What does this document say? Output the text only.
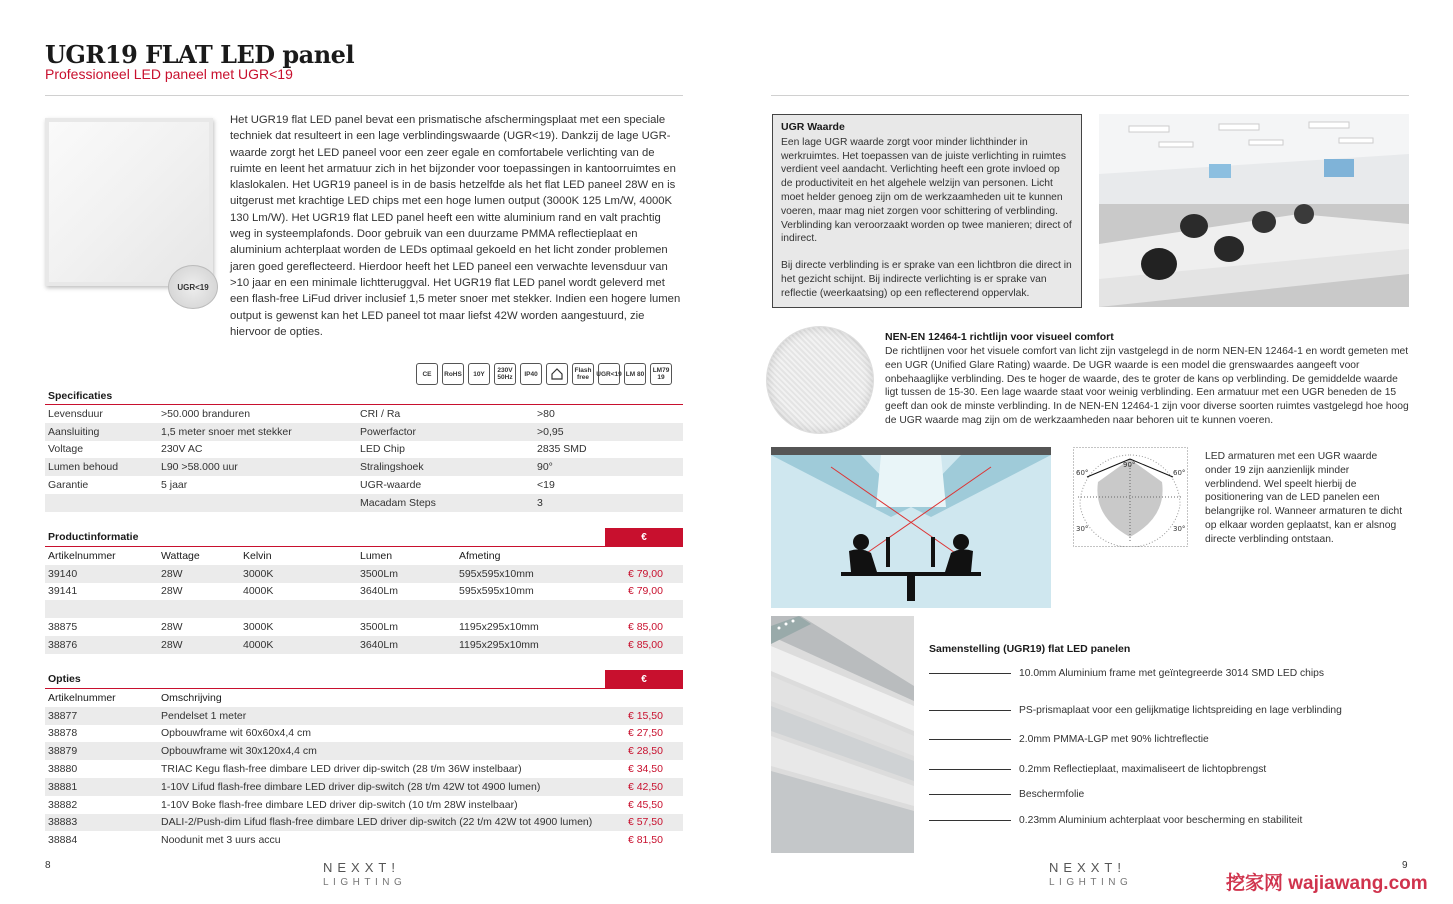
UGR19 FLAT LED panel
Professioneel LED paneel met UGR<19
UGR<19
Het UGR19 flat LED panel bevat een prismatische afschermingsplaat met een speciale techniek dat resulteert in een lage verblindingswaarde (UGR<19). Dankzij de lage UGR-waarde zorgt het LED paneel voor een zeer egale en comfortabele verlichting van de ruimte en leent het armatuur zich in het bijzonder voor toepassingen in kantoorruimtes en klaslokalen. Het UGR19 paneel is in de basis hetzelfde als het flat LED paneel 28W en is uitgerust met krachtige LED chips met een hoge lumen output (3000K 125 Lm/W, 4000K 130 Lm/W). Het UGR19 flat LED panel heeft een witte aluminium rand en valt prachtig weg in systeemplafonds. Door gebruik van een duurzame PMMA reflectieplaat en aluminium achterplaat worden de LEDs optimaal gekoeld en het licht zonder problemen jaren goed gereflecteerd. Hierdoor heeft het LED paneel een verwachte levensduur van >10 jaar en een minimale lichtteruggval. Het UGR19 flat LED panel wordt geleverd met een flash-free LiFud driver inclusief 1,5 meter snoer met stekker. Indien een hogere lumen output is gewenst kan het LED paneel tot maar liefst 42W worden aangestuurd, zie hiervoor de opties.
CE	RoHS	10Y	230V 50Hz	IP40	Flash free	UGR<19 LM 80	LM79 19
Specificaties
Levensduur	>50.000 branduren	CRI / Ra	>80
Aansluiting	1,5 meter snoer met stekker	Powerfactor	>0,95
Voltage	230V AC	LED Chip	2835 SMD
Lumen behoud	L90 >58.000 uur	Stralingshoek	90°
Garantie	5 jaar	UGR-waarde	<19
		Macadam Steps	3
Productinformatie	€
Artikelnummer	Wattage	Kelvin	Lumen	Afmeting	
39140	28W	3000K	3500Lm	595x595x10mm	€ 79,00
39141	28W	4000K	3640Lm	595x595x10mm	€ 79,00

38875	28W	3000K	3500Lm	1195x295x10mm	€ 85,00
38876	28W	4000K	3640Lm	1195x295x10mm	€ 85,00
Opties	€
Artikelnummer	Omschrijving	
38877	Pendelset 1 meter	€ 15,50
38878	Opbouwframe wit 60x60x4,4 cm	€ 27,50
38879	Opbouwframe wit 30x120x4,4 cm	€ 28,50
38880	TRIAC Kegu flash-free dimbare LED driver dip-switch (28 t/m 36W instelbaar)	€ 34,50
38881	1-10V Lifud flash-free dimbare LED driver dip-switch (28 t/m 42W tot 4900 lumen)	€ 42,50
38882	1-10V Boke flash-free dimbare LED driver dip-switch (10 t/m 28W instelbaar)	€ 45,50
38883	DALI-2/Push-dim Lifud flash-free dimbare LED driver dip-switch (22 t/m 42W tot 4900 lumen)	€ 57,50
38884	Noodunit met 3 uurs accu	€ 81,50
8	NEXXT!
LIGHTING
UGR Waarde

Een lage UGR waarde zorgt voor minder lichthinder in werkruimtes. Het toepassen van de juiste verlichting in ruimtes verdient veel aandacht. Verlichting heeft een grote invloed op de productiviteit en het algehele welzijn van personen. Licht moet helder genoeg zijn om de werkzaamheden uit te kunnen voeren, maar mag niet zorgen voor schittering of verblinding. Verblinding kan veroorzaakt worden op twee manieren; direct of indirect.

Bij directe verblinding is er sprake van een lichtbron die direct in het gezicht schijnt. Bij indirecte verlichting is er sprake van reflectie (weerkaatsing) op een reflecterend oppervlak.

NEN-EN 12464-1 richtlijn voor visueel comfort
De richtlijnen voor het visuele comfort van licht zijn vastgelegd in de norm NEN-EN 12464-1 en wordt gemeten met een UGR (Unified Glare Rating) waarde. De UGR waarde is een model die grenswaardes aangeeft voor onbehaaglijke verblinding. Des te hoger de waarde, des te groter de kans op verblinding. De gemiddelde waarde ligt tussen de 15-30. Een lage waarde staat voor weinig verblinding. Een armatuur met een UGR beneden de 15 geeft dan ook de minste verblinding. In de NEN-EN 12464-1 zijn voor diverse soorten ruimtes vastgelegd hoe hoog de UGR waarde mag zijn om de werkzaamheden naar behoren uit te kunnen voeren.
90°
60°	60°
30°	30°
LED armaturen met een UGR waarde onder 19 zijn aanzienlijk minder verblindend. Wel speelt hierbij de positionering van de LED panelen een belangrijke rol. Wanneer armaturen te dicht op elkaar worden geplaatst, kan er alsnog directe verblinding ontstaan.
Samenstelling (UGR19) flat LED panelen
10.0mm Aluminium frame met geïntegreerde 3014 SMD LED chips
PS-prismaplaat voor een gelijkmatige lichtspreiding en lage verblinding
2.0mm PMMA-LGP met 90% lichtreflectie
0.2mm Reflectieplaat, maximaliseert de lichtopbrengst
Beschermfolie
0.23mm Aluminium achterplaat voor bescherming en stabiliteit
NEXXT!
LIGHTING
9
挖家网 wajiawang.com
